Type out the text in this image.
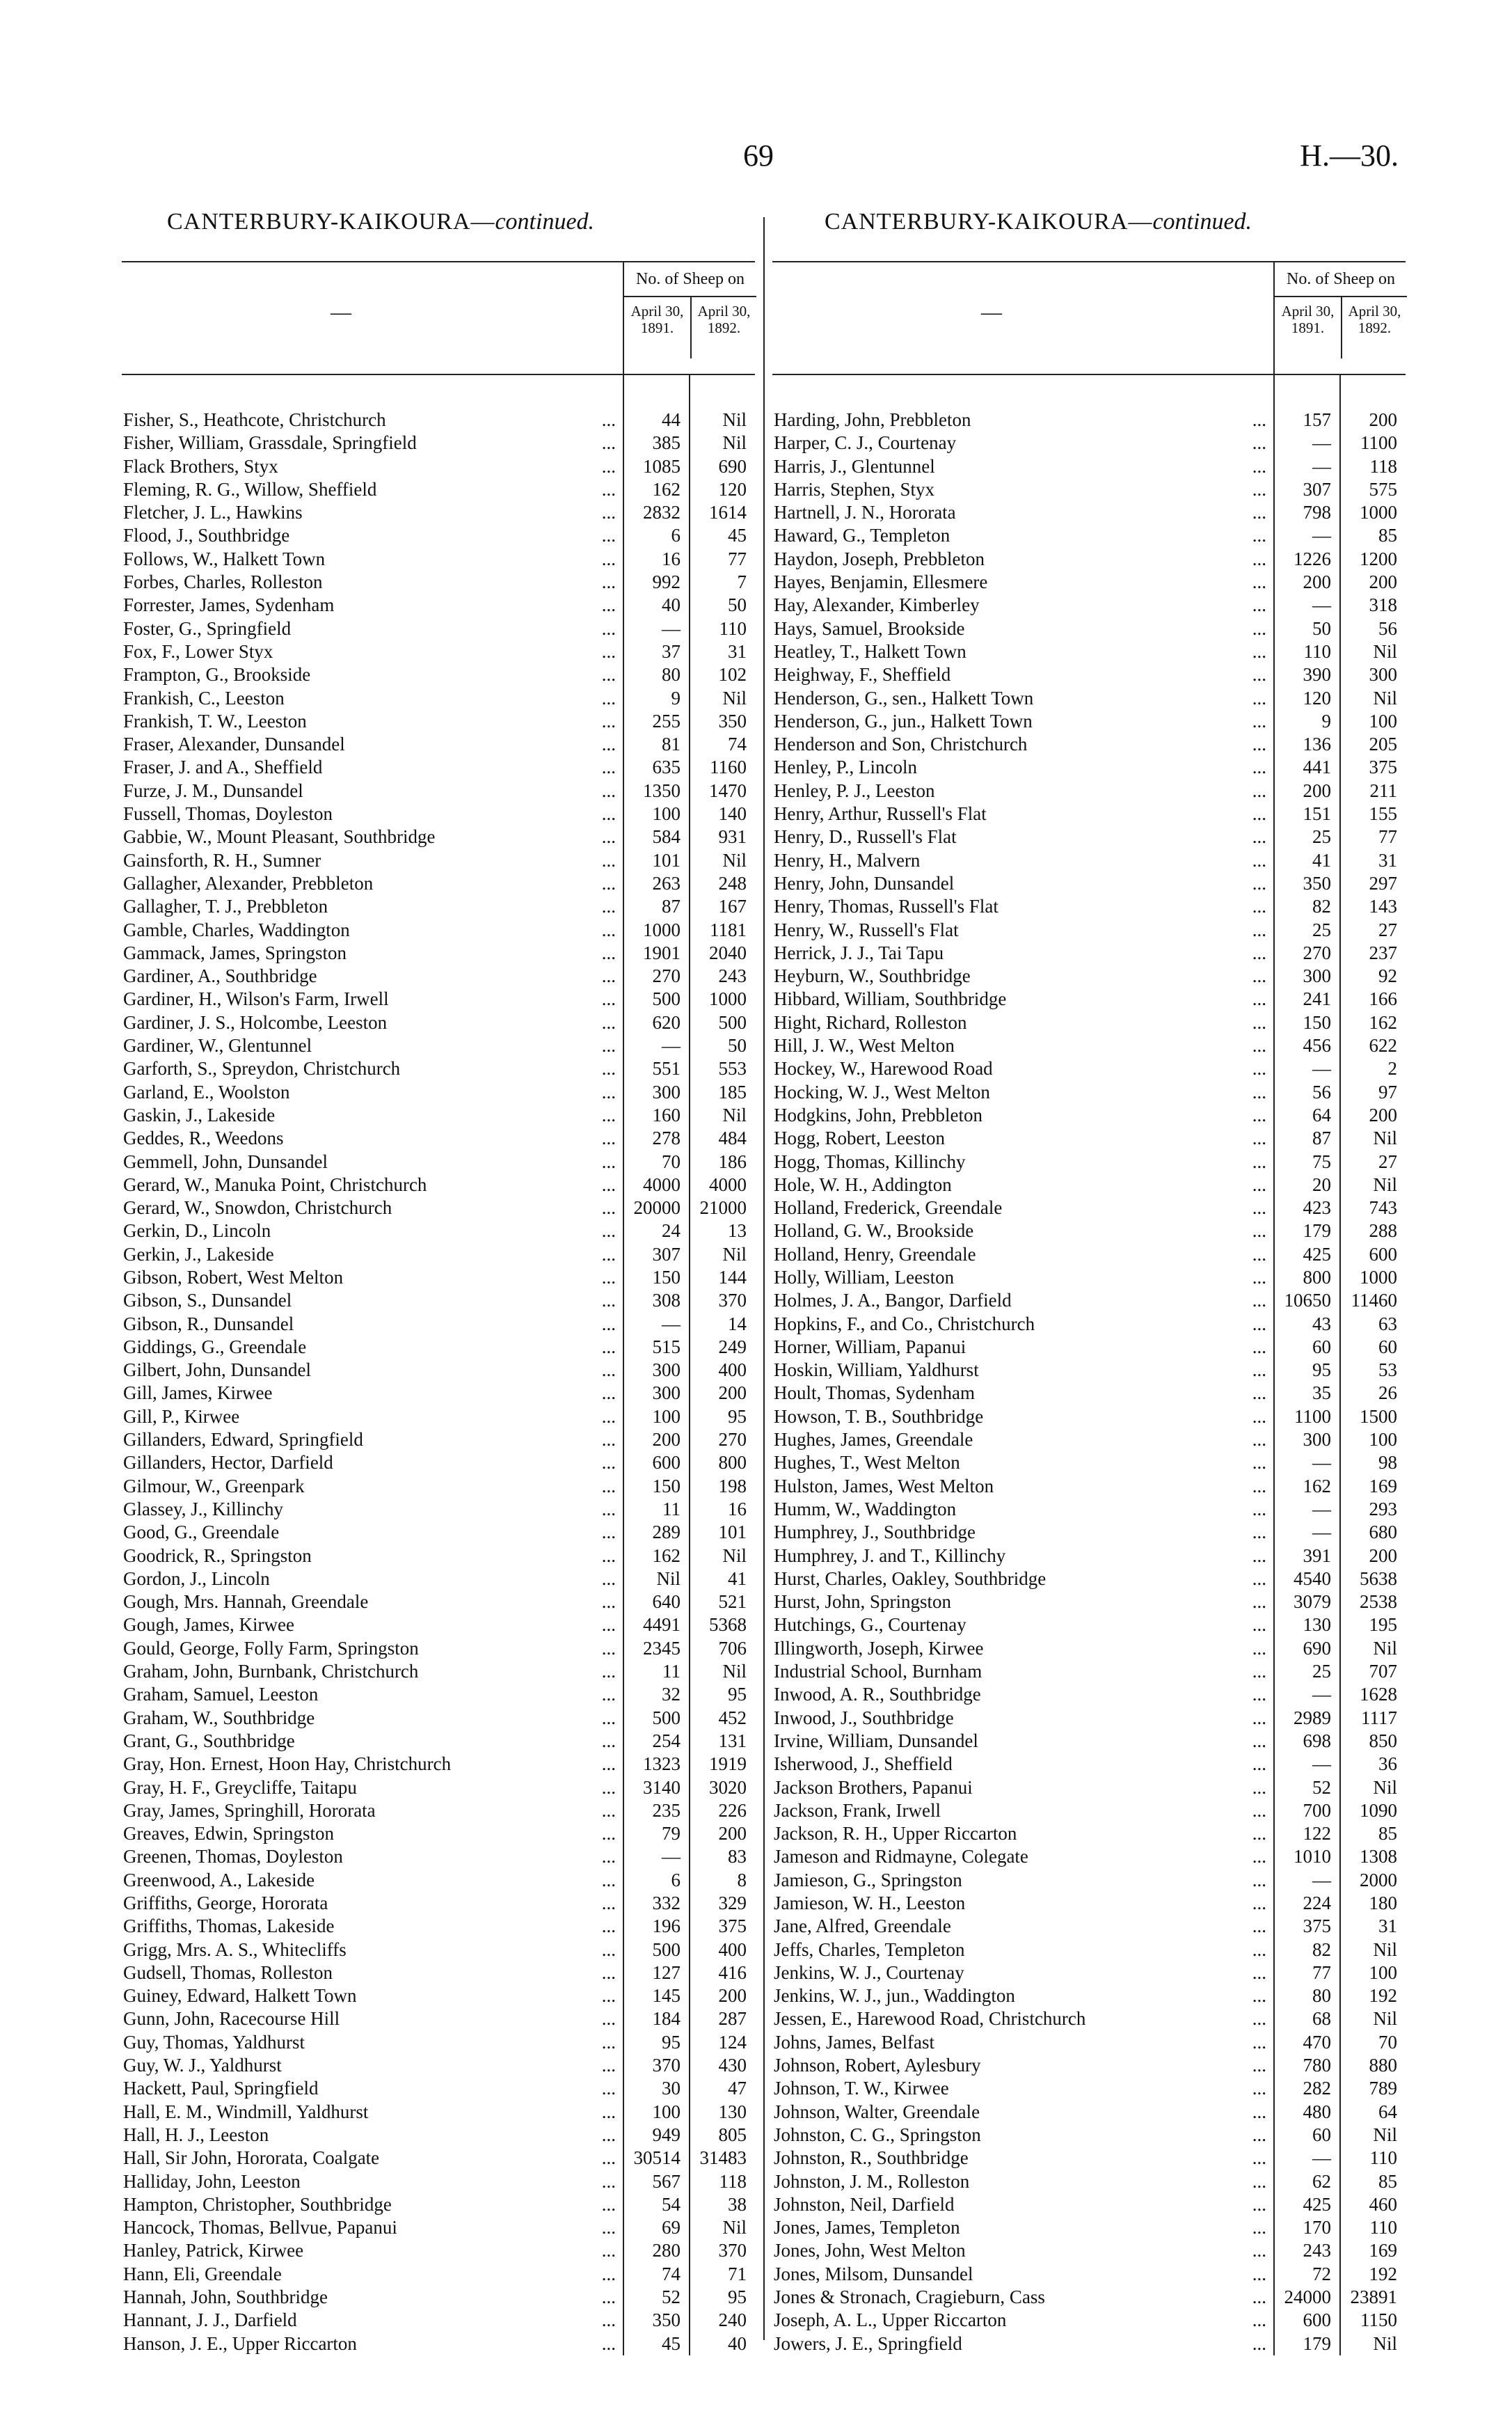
69	H.—30.
CANTERBURY-KAIKOURA—continued.	CANTERBURY-KAIKOURA—continued.
—
No. of Sheep on
April 30, 1891.
April 30, 1892.
Fisher, S., Heathcote, Christchurch ...	44	Nil
Fisher, William, Grassdale, Springfield ...	385	Nil
Flack Brothers, Styx ...	1085	690
Fleming, R. G., Willow, Sheffield ...	162	120
Fletcher, J. L., Hawkins ...	2832	1614
Flood, J., Southbridge ...	6	45
Follows, W., Halkett Town ...	16	77
Forbes, Charles, Rolleston ...	992	7
Forrester, James, Sydenham ...	40	50
Foster, G., Springfield ...	—	110
Fox, F., Lower Styx ...	37	31
Frampton, G., Brookside ...	80	102
Frankish, C., Leeston ...	9	Nil
Frankish, T. W., Leeston ...	255	350
Fraser, Alexander, Dunsandel ...	81	74
Fraser, J. and A., Sheffield ...	635	1160
Furze, J. M., Dunsandel ...	1350	1470
Fussell, Thomas, Doyleston ...	100	140
Gabbie, W., Mount Pleasant, Southbridge ...	584	931
Gainsforth, R. H., Sumner ...	101	Nil
Gallagher, Alexander, Prebbleton ...	263	248
Gallagher, T. J., Prebbleton ...	87	167
Gamble, Charles, Waddington ...	1000	1181
Gammack, James, Springston ...	1901	2040
Gardiner, A., Southbridge ...	270	243
Gardiner, H., Wilson's Farm, Irwell ...	500	1000
Gardiner, J. S., Holcombe, Leeston ...	620	500
Gardiner, W., Glentunnel ...	—	50
Garforth, S., Spreydon, Christchurch ...	551	553
Garland, E., Woolston ...	300	185
Gaskin, J., Lakeside ...	160	Nil
Geddes, R., Weedons ...	278	484
Gemmell, John, Dunsandel ...	70	186
Gerard, W., Manuka Point, Christchurch ...	4000	4000
Gerard, W., Snowdon, Christchurch ...	20000	21000
Gerkin, D., Lincoln ...	24	13
Gerkin, J., Lakeside ...	307	Nil
Gibson, Robert, West Melton ...	150	144
Gibson, S., Dunsandel ...	308	370
Gibson, R., Dunsandel ...	—	14
Giddings, G., Greendale ...	515	249
Gilbert, John, Dunsandel ...	300	400
Gill, James, Kirwee ...	300	200
Gill, P., Kirwee ...	100	95
Gillanders, Edward, Springfield ...	200	270
Gillanders, Hector, Darfield ...	600	800
Gilmour, W., Greenpark ...	150	198
Glassey, J., Killinchy ...	11	16
Good, G., Greendale ...	289	101
Goodrick, R., Springston ...	162	Nil
Gordon, J., Lincoln ...	Nil	41
Gough, Mrs. Hannah, Greendale ...	640	521
Gough, James, Kirwee ...	4491	5368
Gould, George, Folly Farm, Springston ...	2345	706
Graham, John, Burnbank, Christchurch ...	11	Nil
Graham, Samuel, Leeston ...	32	95
Graham, W., Southbridge ...	500	452
Grant, G., Southbridge ...	254	131
Gray, Hon. Ernest, Hoon Hay, Christchurch ...	1323	1919
Gray, H. F., Greycliffe, Taitapu ...	3140	3020
Gray, James, Springhill, Hororata ...	235	226
Greaves, Edwin, Springston ...	79	200
Greenen, Thomas, Doyleston ...	—	83
Greenwood, A., Lakeside ...	6	8
Griffiths, George, Hororata ...	332	329
Griffiths, Thomas, Lakeside ...	196	375
Grigg, Mrs. A. S., Whitecliffs ...	500	400
Gudsell, Thomas, Rolleston ...	127	416
Guiney, Edward, Halkett Town ...	145	200
Gunn, John, Racecourse Hill ...	184	287
Guy, Thomas, Yaldhurst ...	95	124
Guy, W. J., Yaldhurst ...	370	430
Hackett, Paul, Springfield ...	30	47
Hall, E. M., Windmill, Yaldhurst ...	100	130
Hall, H. J., Leeston ...	949	805
Hall, Sir John, Hororata, Coalgate ...	30514	31483
Halliday, John, Leeston ...	567	118
Hampton, Christopher, Southbridge ...	54	38
Hancock, Thomas, Bellvue, Papanui ...	69	Nil
Hanley, Patrick, Kirwee ...	280	370
Hann, Eli, Greendale ...	74	71
Hannah, John, Southbridge ...	52	95
Hannant, J. J., Darfield ...	350	240
Hanson, J. E., Upper Riccarton ...	45	40
—
No. of Sheep on
April 30, 1891.
April 30, 1892.
Harding, John, Prebbleton ...	157	200
Harper, C. J., Courtenay ...	—	1100
Harris, J., Glentunnel ...	—	118
Harris, Stephen, Styx ...	307	575
Hartnell, J. N., Hororata ...	798	1000
Haward, G., Templeton ...	—	85
Haydon, Joseph, Prebbleton ...	1226	1200
Hayes, Benjamin, Ellesmere ...	200	200
Hay, Alexander, Kimberley ...	—	318
Hays, Samuel, Brookside ...	50	56
Heatley, T., Halkett Town ...	110	Nil
Heighway, F., Sheffield ...	390	300
Henderson, G., sen., Halkett Town ...	120	Nil
Henderson, G., jun., Halkett Town ...	9	100
Henderson and Son, Christchurch ...	136	205
Henley, P., Lincoln ...	441	375
Henley, P. J., Leeston ...	200	211
Henry, Arthur, Russell's Flat ...	151	155
Henry, D., Russell's Flat ...	25	77
Henry, H., Malvern ...	41	31
Henry, John, Dunsandel ...	350	297
Henry, Thomas, Russell's Flat ...	82	143
Henry, W., Russell's Flat ...	25	27
Herrick, J. J., Tai Tapu ...	270	237
Heyburn, W., Southbridge ...	300	92
Hibbard, William, Southbridge ...	241	166
Hight, Richard, Rolleston ...	150	162
Hill, J. W., West Melton ...	456	622
Hockey, W., Harewood Road ...	—	2
Hocking, W. J., West Melton ...	56	97
Hodgkins, John, Prebbleton ...	64	200
Hogg, Robert, Leeston ...	87	Nil
Hogg, Thomas, Killinchy ...	75	27
Hole, W. H., Addington ...	20	Nil
Holland, Frederick, Greendale ...	423	743
Holland, G. W., Brookside ...	179	288
Holland, Henry, Greendale ...	425	600
Holly, William, Leeston ...	800	1000
Holmes, J. A., Bangor, Darfield ...	10650	11460
Hopkins, F., and Co., Christchurch ...	43	63
Horner, William, Papanui ...	60	60
Hoskin, William, Yaldhurst ...	95	53
Hoult, Thomas, Sydenham ...	35	26
Howson, T. B., Southbridge ...	1100	1500
Hughes, James, Greendale ...	300	100
Hughes, T., West Melton ...	—	98
Hulston, James, West Melton ...	162	169
Humm, W., Waddington ...	—	293
Humphrey, J., Southbridge ...	—	680
Humphrey, J. and T., Killinchy ...	391	200
Hurst, Charles, Oakley, Southbridge ...	4540	5638
Hurst, John, Springston ...	3079	2538
Hutchings, G., Courtenay ...	130	195
Illingworth, Joseph, Kirwee ...	690	Nil
Industrial School, Burnham ...	25	707
Inwood, A. R., Southbridge ...	—	1628
Inwood, J., Southbridge ...	2989	1117
Irvine, William, Dunsandel ...	698	850
Isherwood, J., Sheffield ...	—	36
Jackson Brothers, Papanui ...	52	Nil
Jackson, Frank, Irwell ...	700	1090
Jackson, R. H., Upper Riccarton ...	122	85
Jameson and Ridmayne, Colegate ...	1010	1308
Jamieson, G., Springston ...	—	2000
Jamieson, W. H., Leeston ...	224	180
Jane, Alfred, Greendale ...	375	31
Jeffs, Charles, Templeton ...	82	Nil
Jenkins, W. J., Courtenay ...	77	100
Jenkins, W. J., jun., Waddington ...	80	192
Jessen, E., Harewood Road, Christchurch ...	68	Nil
Johns, James, Belfast ...	470	70
Johnson, Robert, Aylesbury ...	780	880
Johnson, T. W., Kirwee ...	282	789
Johnson, Walter, Greendale ...	480	64
Johnston, C. G., Springston ...	60	Nil
Johnston, R., Southbridge ...	—	110
Johnston, J. M., Rolleston ...	62	85
Johnston, Neil, Darfield ...	425	460
Jones, James, Templeton ...	170	110
Jones, John, West Melton ...	243	169
Jones, Milsom, Dunsandel ...	72	192
Jones & Stronach, Cragieburn, Cass ...	24000	23891
Joseph, A. L., Upper Riccarton ...	600	1150
Jowers, J. E., Springfield ...	179	Nil
